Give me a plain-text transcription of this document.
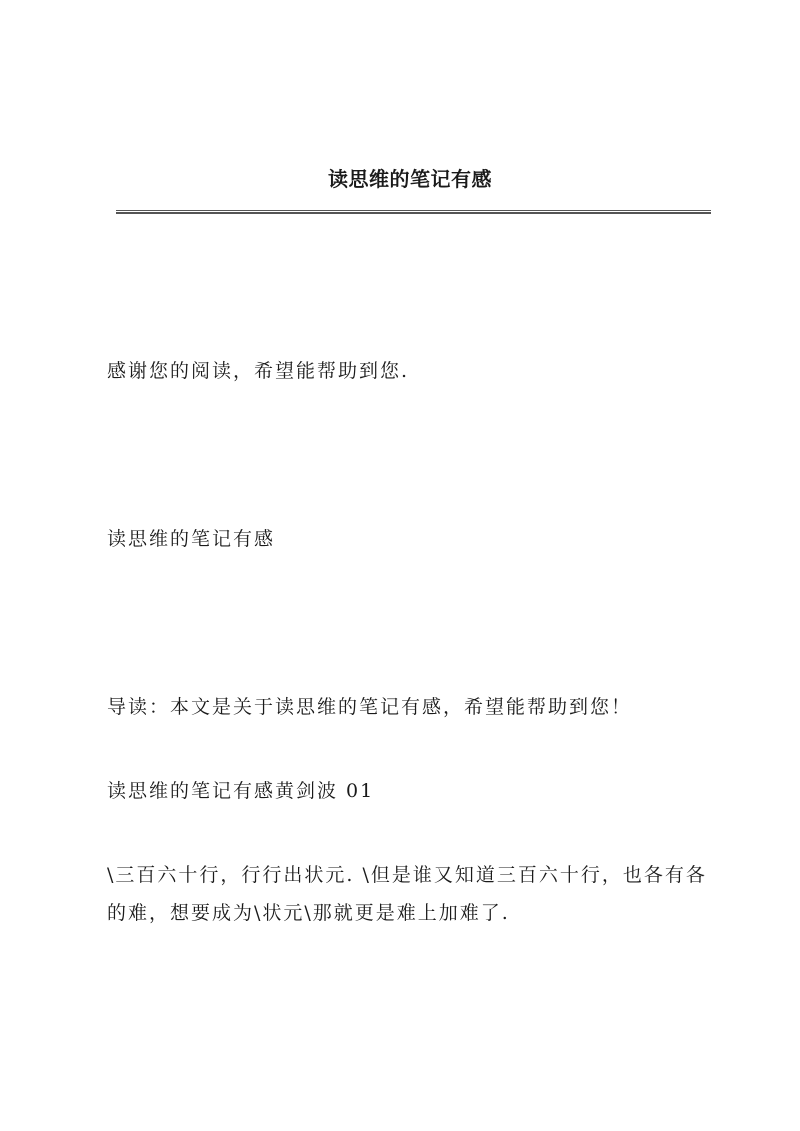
读思维的笔记有感
感谢您的阅读，希望能帮助到您.
读思维的笔记有感
导读：本文是关于读思维的笔记有感，希望能帮助到您！
读思维的笔记有感黄剑波 01
\三百六十行，行行出状元. \但是谁又知道三百六十行，也各有各的难，想要成为\状元\那就更是难上加难了.
